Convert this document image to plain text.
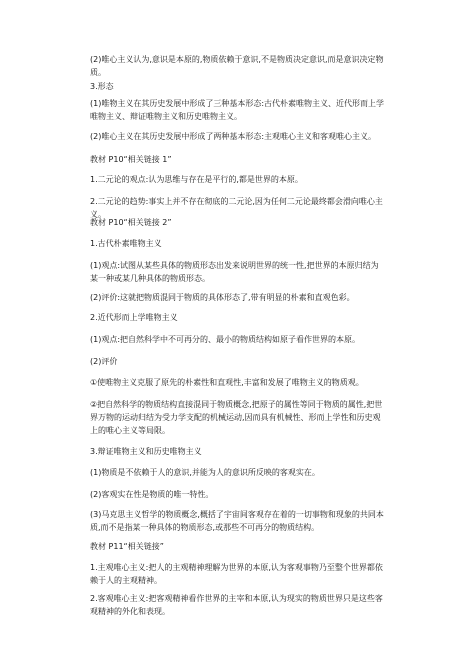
(2)唯心主义认为,意识是本原的,物质依赖于意识,不是物质决定意识,而是意识决定物质。

3.形态

(1)唯物主义在其历史发展中形成了三种基本形态:古代朴素唯物主义、近代形而上学唯物主义、辩证唯物主义和历史唯物主义。

(2)唯心主义在其历史发展中形成了两种基本形态:主观唯心主义和客观唯心主义。

教材 P10“相关链接 1”

1.二元论的观点:认为思维与存在是平行的,都是世界的本原。

2.二元论的趋势:事实上并不存在彻底的二元论,因为任何二元论最终都会滑向唯心主义。

教材 P10“相关链接 2”

1.古代朴素唯物主义

(1)观点:试图从某些具体的物质形态出发来说明世界的统一性,把世界的本原归结为某一种或某几种具体的物质形态。

(2)评价:这就把物质混同于物质的具体形态了,带有明显的朴素和直观色彩。

2.近代形而上学唯物主义

(1)观点:把自然科学中不可再分的、最小的物质结构如原子看作世界的本原。

(2)评价

①使唯物主义克服了原先的朴素性和直观性,丰富和发展了唯物主义的物质观。

②把自然科学的物质结构直接混同于物质概念,把原子的属性等同于物质的属性,把世界万物的运动归结为受力学支配的机械运动,因而具有机械性、形而上学性和历史观上的唯心主义等局限。

3.辩证唯物主义和历史唯物主义

(1)物质是不依赖于人的意识,并能为人的意识所反映的客观实在。

(2)客观实在性是物质的唯一特性。

(3)马克思主义哲学的物质概念,概括了宇宙间客观存在着的一切事物和现象的共同本质,而不是指某一种具体的物质形态,或那些不可再分的物质结构。

教材 P11“相关链接”

1.主观唯心主义:把人的主观精神理解为世界的本原,认为客观事物乃至整个世界都依赖于人的主观精神。

2.客观唯心主义:把客观精神看作世界的主宰和本原,认为现实的物质世界只是这些客观精神的外化和表现。
